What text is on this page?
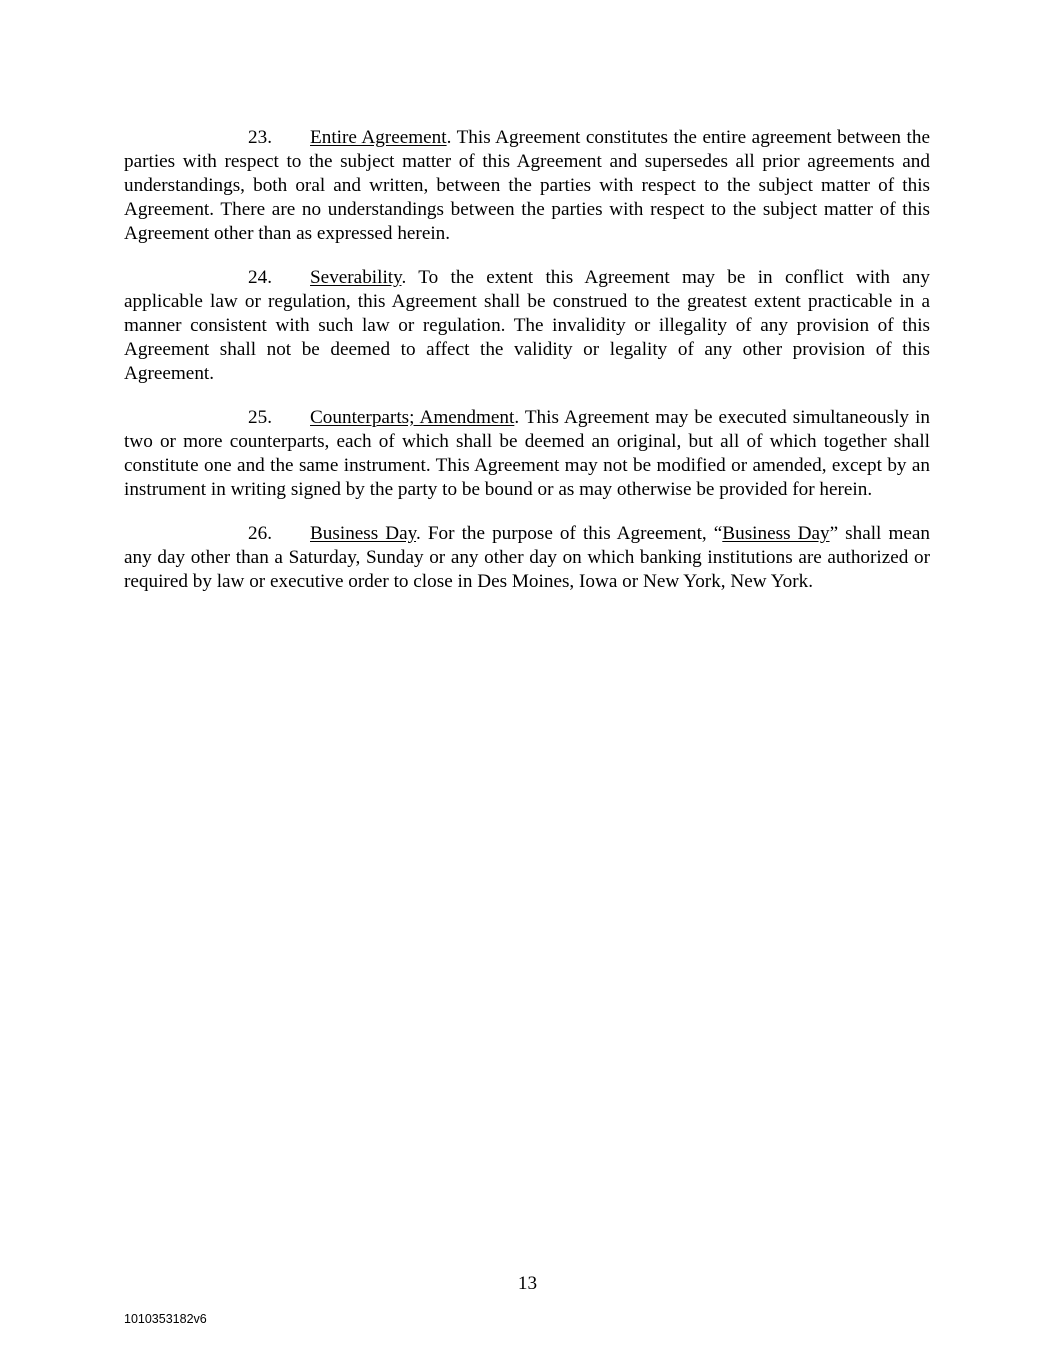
23. Entire Agreement. This Agreement constitutes the entire agreement between the parties with respect to the subject matter of this Agreement and supersedes all prior agreements and understandings, both oral and written, between the parties with respect to the subject matter of this Agreement. There are no understandings between the parties with respect to the subject matter of this Agreement other than as expressed herein.

24. Severability. To the extent this Agreement may be in conflict with any applicable law or regulation, this Agreement shall be construed to the greatest extent practicable in a manner consistent with such law or regulation. The invalidity or illegality of any provision of this Agreement shall not be deemed to affect the validity or legality of any other provision of this Agreement.

25. Counterparts; Amendment. This Agreement may be executed simultaneously in two or more counterparts, each of which shall be deemed an original, but all of which together shall constitute one and the same instrument. This Agreement may not be modified or amended, except by an instrument in writing signed by the party to be bound or as may otherwise be provided for herein.

26. Business Day. For the purpose of this Agreement, “Business Day” shall mean any day other than a Saturday, Sunday or any other day on which banking institutions are authorized or required by law or executive order to close in Des Moines, Iowa or New York, New York.

13
1010353182v6
